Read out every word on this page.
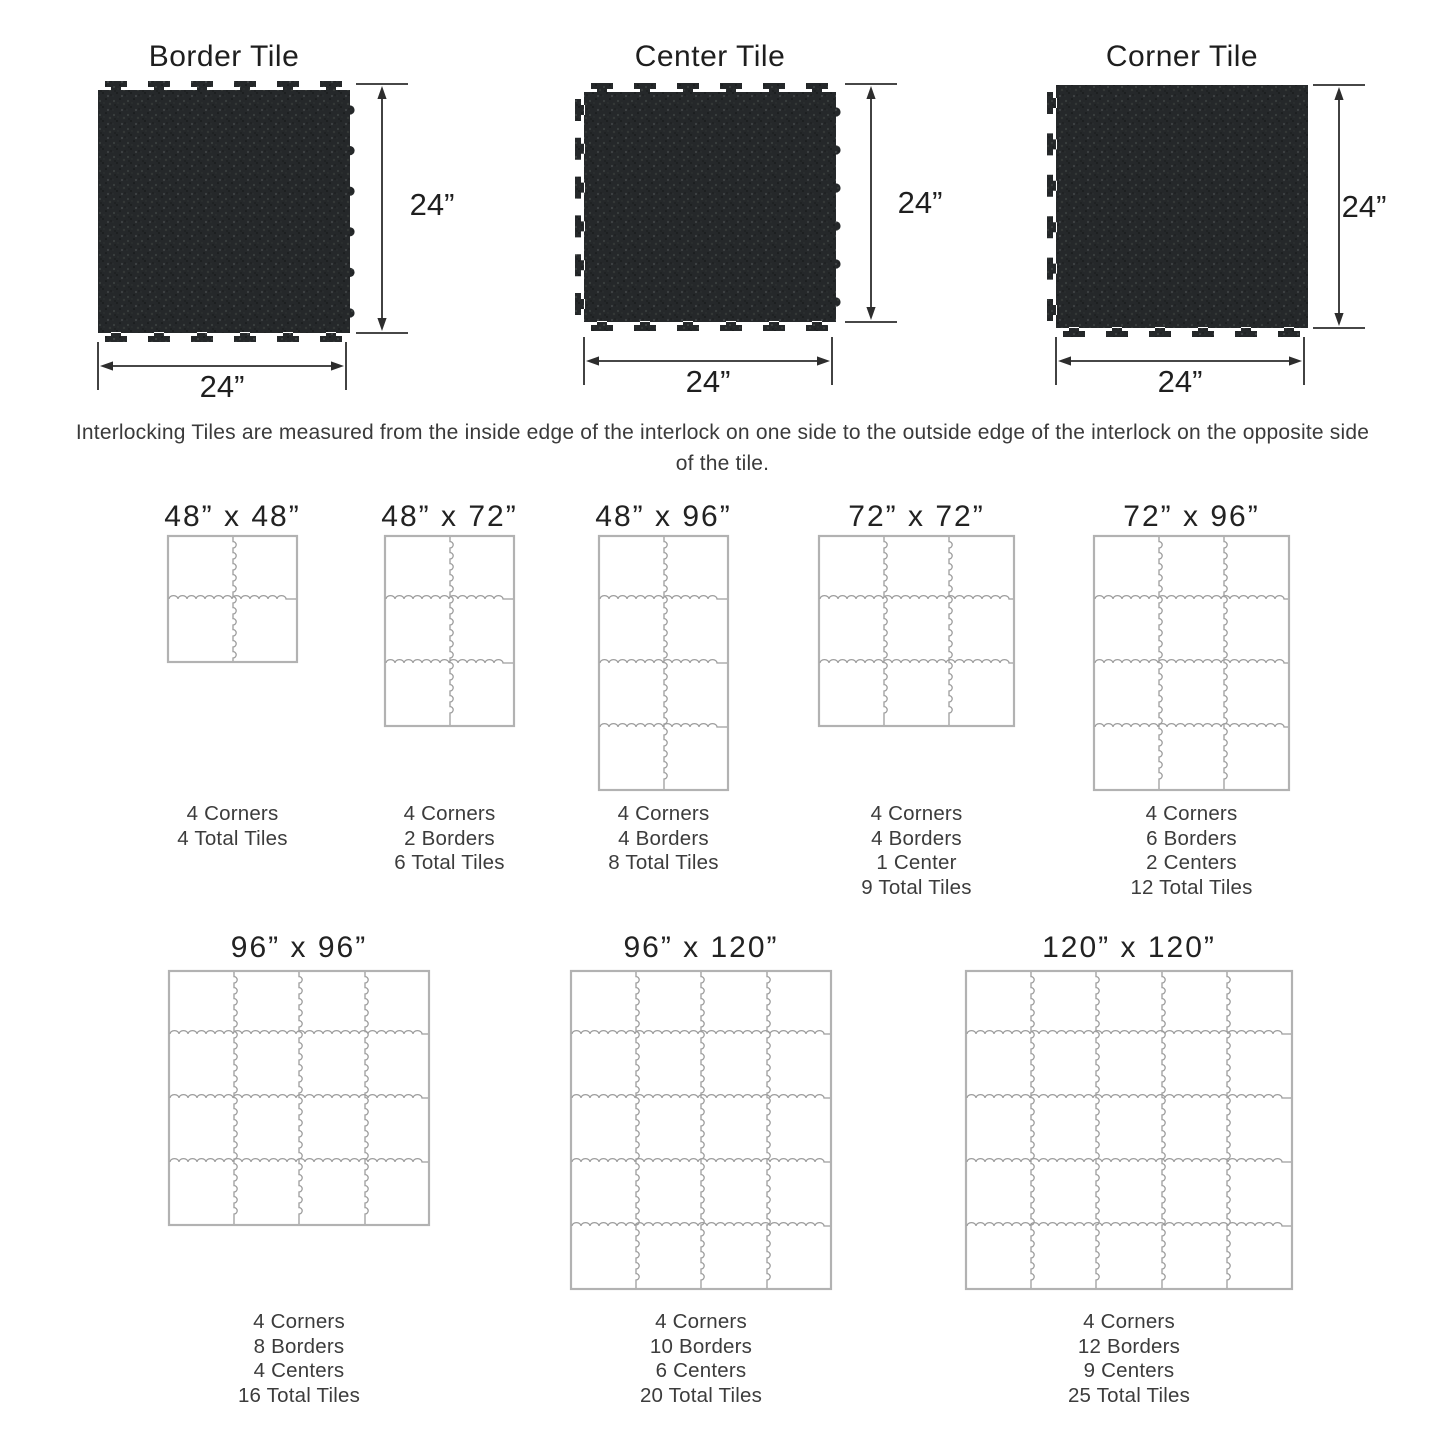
Border Tile	Center Tile	Corner Tile
24”
24”
24”
24”
24”
24”

Interlocking Tiles are measured from the inside edge of the interlock on one side to the outside edge of the interlock on the opposite side of the tile.

48” x 48”
4 Corners
4 Total Tiles
48” x 72”
4 Corners
2 Borders
6 Total Tiles
48” x 96”
4 Corners
4 Borders
8 Total Tiles
72” x 72”
4 Corners
4 Borders
1 Center
9 Total Tiles
72” x 96”
4 Corners
6 Borders
2 Centers
12 Total Tiles
96” x 96”
4 Corners
8 Borders
4 Centers
16 Total Tiles
96” x 120”
4 Corners
10 Borders
6 Centers
20 Total Tiles
120” x 120”
4 Corners
12 Borders
9 Centers
25 Total Tiles
